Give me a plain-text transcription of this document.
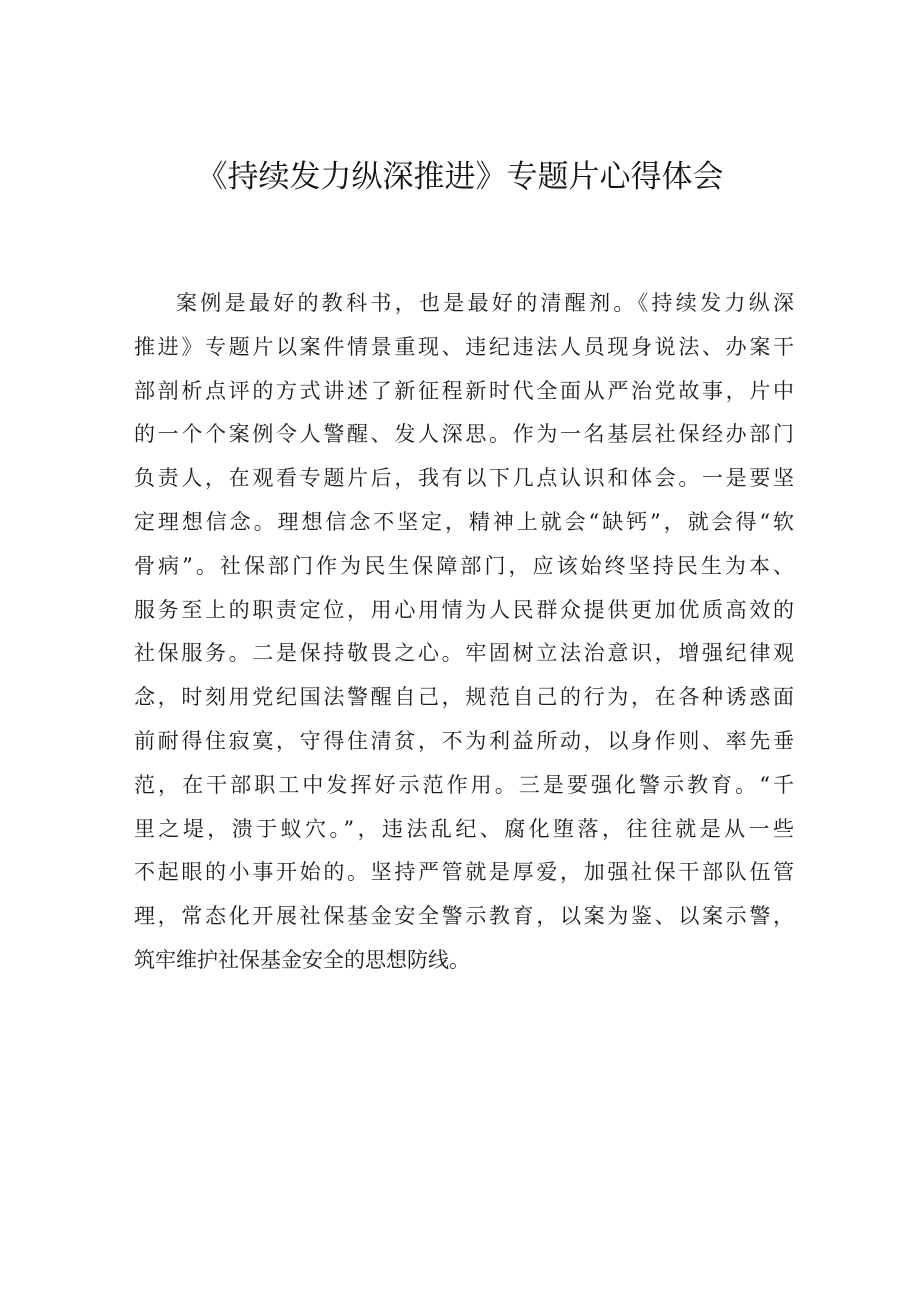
《持续发力纵深推进》专题片心得体会
案例是最好的教科书，也是最好的清醒剂。《持续发力纵深
推进》专题片以案件情景重现、违纪违法人员现身说法、办案干
部剖析点评的方式讲述了新征程新时代全面从严治党故事，片中
的一个个案例令人警醒、发人深思。作为一名基层社保经办部门
负责人，在观看专题片后，我有以下几点认识和体会。一是要坚
定理想信念。理想信念不坚定，精神上就会“缺钙”，就会得“软
骨病”。社保部门作为民生保障部门，应该始终坚持民生为本、
服务至上的职责定位，用心用情为人民群众提供更加优质高效的
社保服务。二是保持敬畏之心。牢固树立法治意识，增强纪律观
念，时刻用党纪国法警醒自己，规范自己的行为，在各种诱惑面
前耐得住寂寞，守得住清贫，不为利益所动，以身作则、率先垂
范，在干部职工中发挥好示范作用。三是要强化警示教育。“千
里之堤，溃于蚁穴。”，违法乱纪、腐化堕落，往往就是从一些
不起眼的小事开始的。坚持严管就是厚爱，加强社保干部队伍管
理，常态化开展社保基金安全警示教育，以案为鉴、以案示警，
筑牢维护社保基金安全的思想防线。
